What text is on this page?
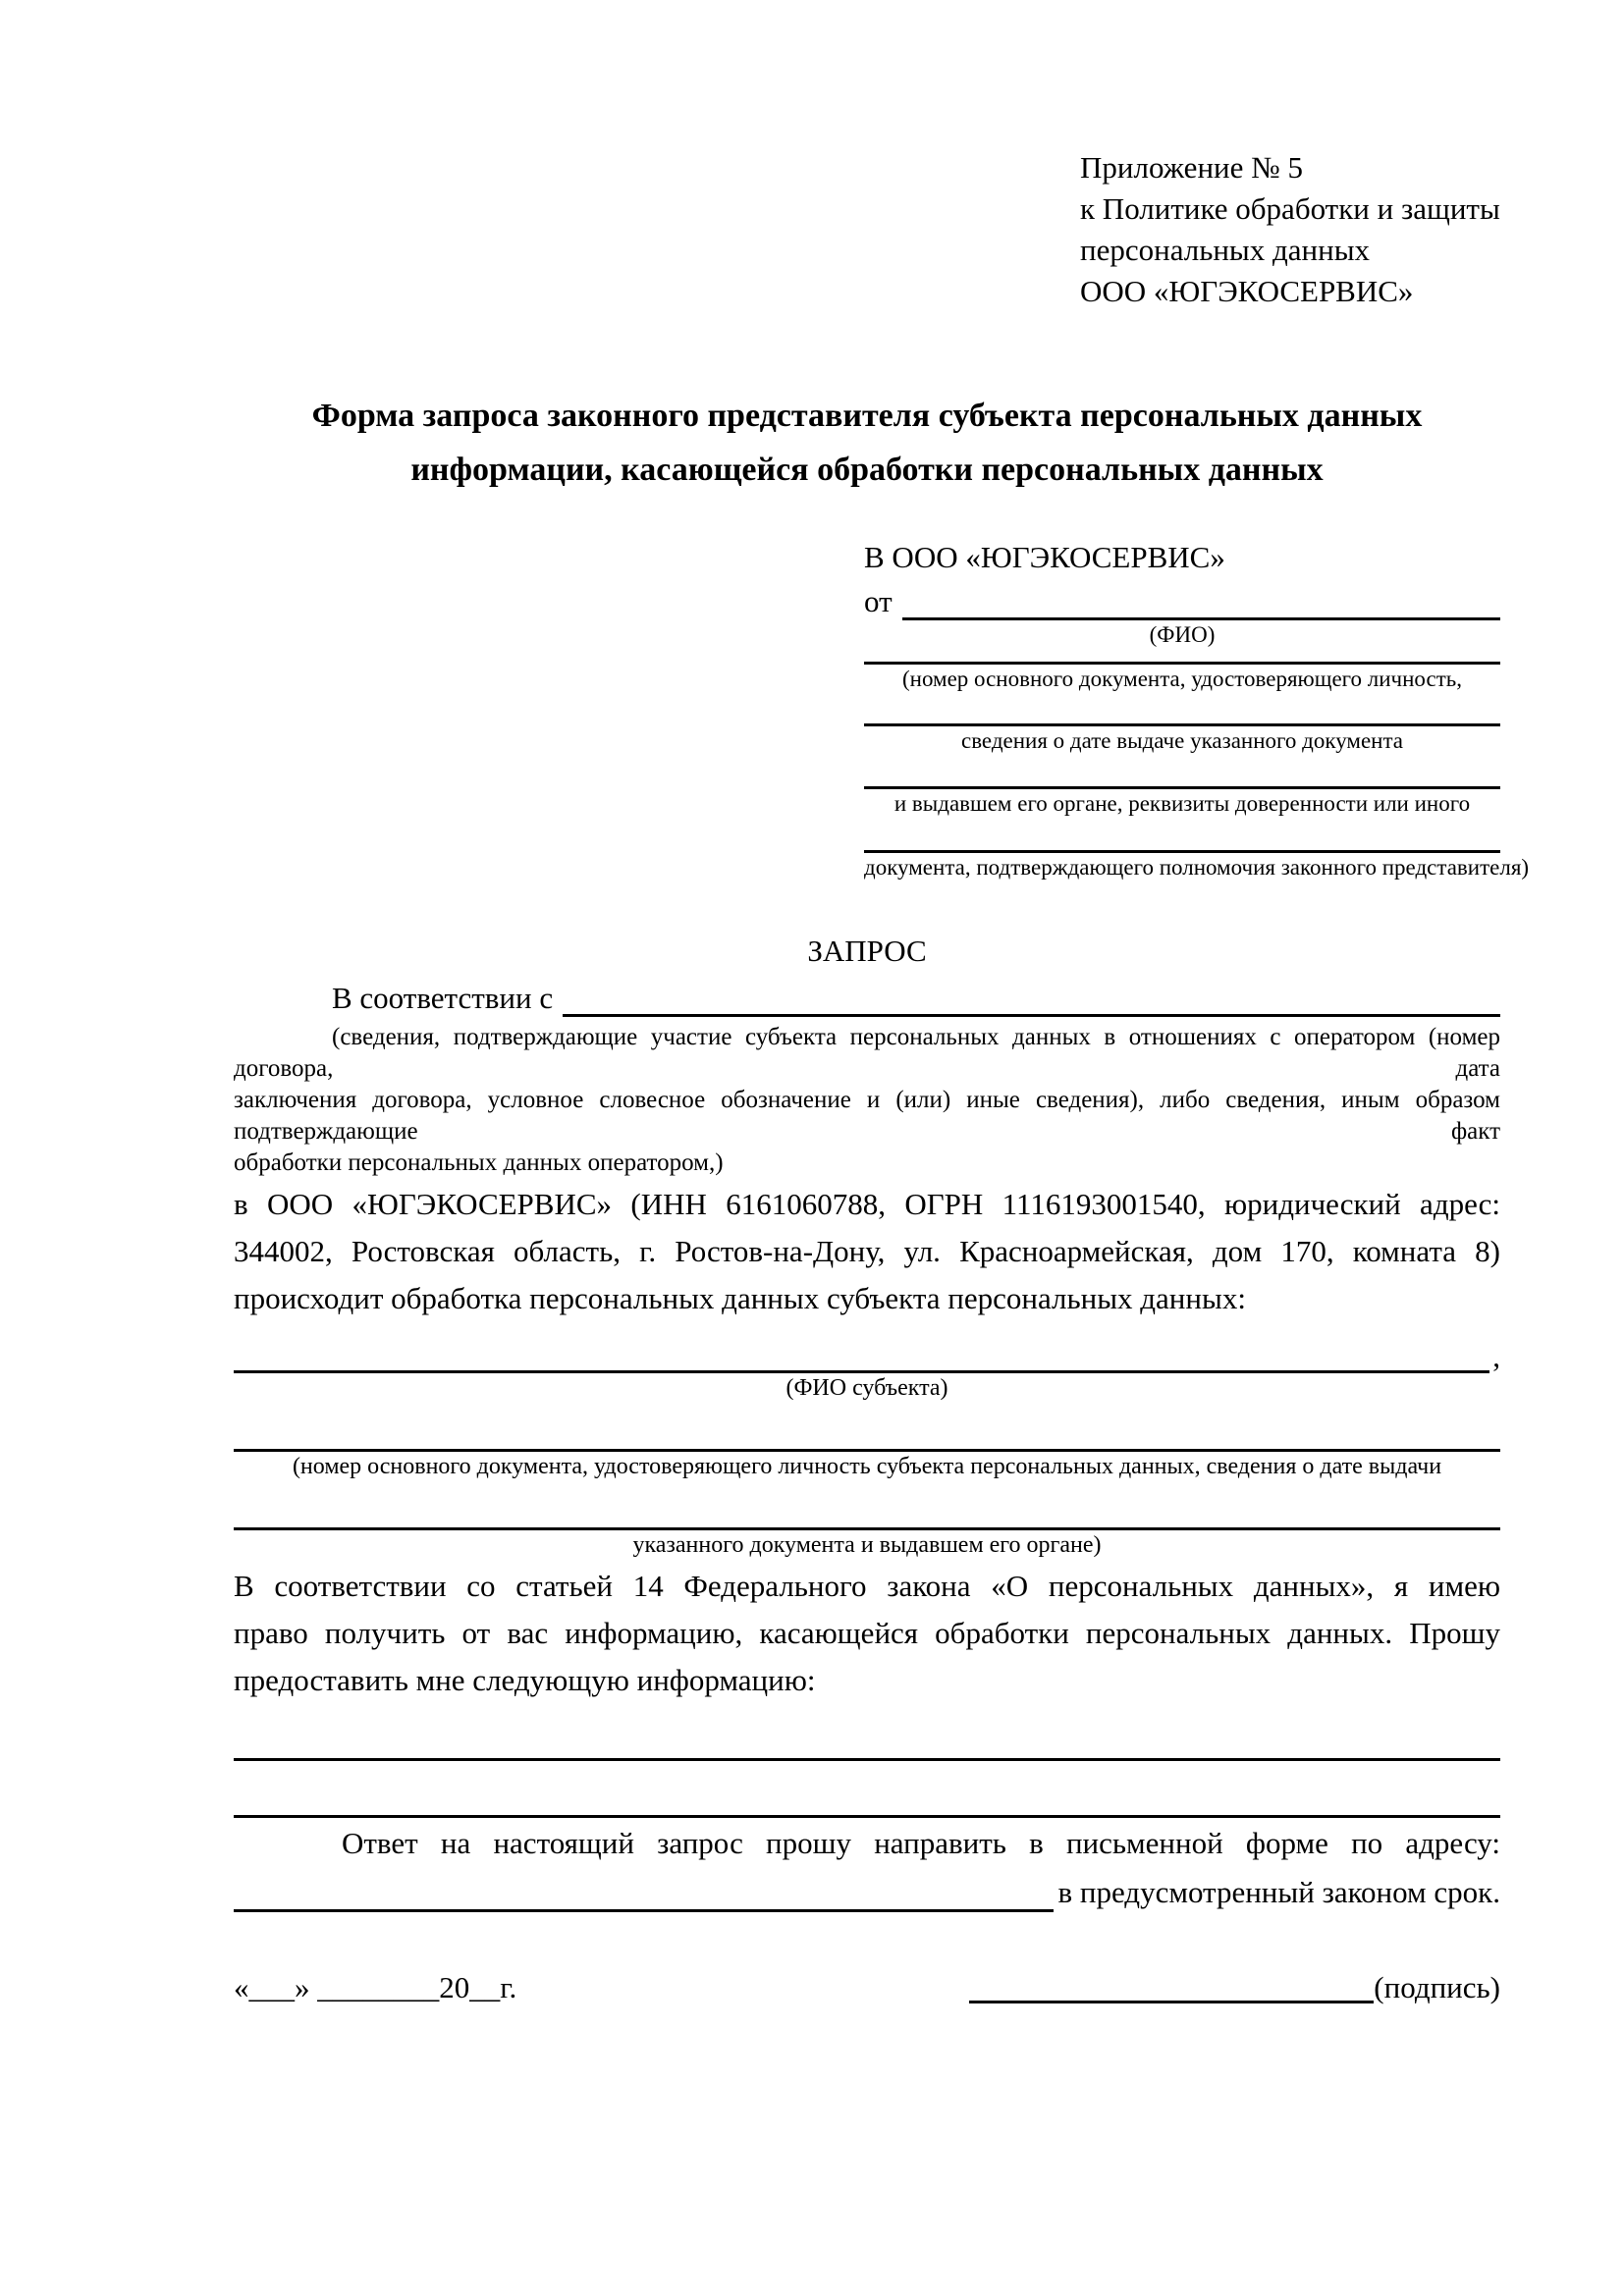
Приложение № 5
к Политике обработки и защиты
персональных данных
ООО «ЮГЭКОСЕРВИС»
Форма запроса законного представителя субъекта персональных данных
информации, касающейся обработки персональных данных
В ООО «ЮГЭКОСЕРВИС»
от
(ФИО)
(номер основного документа, удостоверяющего личность,
сведения о дате выдаче указанного документа
и выдавшем его органе, реквизиты доверенности или иного
документа, подтверждающего полномочия законного представителя)
ЗАПРОС
В соответствии с
(сведения, подтверждающие участие субъекта персональных данных в отношениях с оператором (номер договора, дата
заключения договора, условное словесное обозначение и (или) иные сведения), либо сведения, иным образом подтверждающие факт
обработки персональных данных оператором,)
в ООО «ЮГЭКОСЕРВИС» (ИНН 6161060788, ОГРН 1116193001540, юридический адрес:
344002, Ростовская область, г. Ростов-на-Дону, ул. Красноармейская, дом 170, комната 8)
происходит обработка персональных данных субъекта персональных данных:
,
(ФИО субъекта)
(номер основного документа, удостоверяющего личность субъекта персональных данных, сведения о дате выдачи
указанного документа и выдавшем его органе)
В соответствии со статьей 14 Федерального закона «О персональных данных», я имею
право получить от вас информацию, касающейся обработки персональных данных. Прошу
предоставить мне следующую информацию:
Ответ на настоящий запрос прошу направить в письменной форме по адресу:
в предусмотренный законом срок.
«___» ________20__г.	(подпись)
